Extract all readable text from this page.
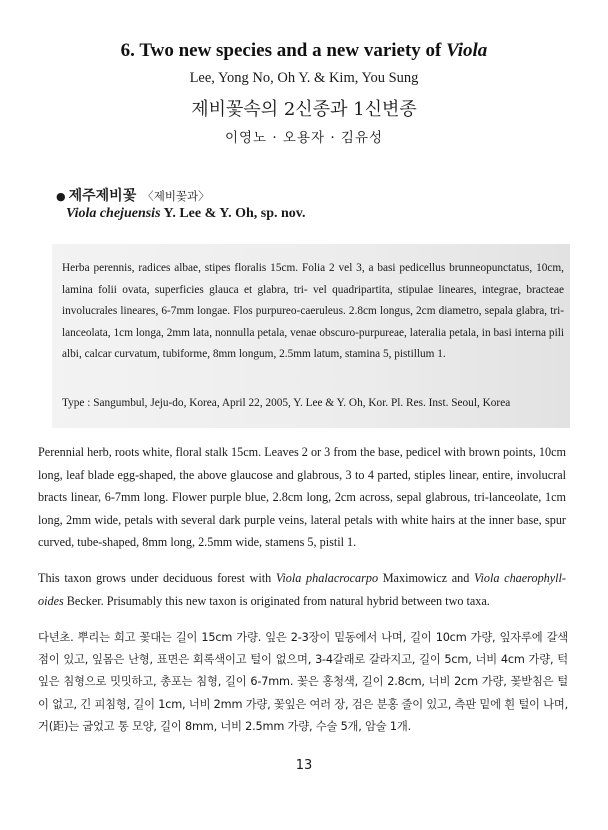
6. Two new species and a new variety of Viola
Lee, Yong No, Oh Y. & Kim, You Sung
제비꽃속의 2신종과 1신변종
이영노 · 오용자 · 김유성
● 제주제비꽃 〈제비꽃과〉
Viola chejuensis Y. Lee & Y. Oh, sp. nov.
Herba perennis, radices albae, stipes floralis 15cm. Folia 2 vel 3, a basi pedicellus brunneopunctatus, 10cm, lamina folii ovata, superficies glauca et glabra, tri- vel quadripartita, stipulae lineares, integrae, bracteae involucrales lineares, 6-7mm longae. Flos purpureo-caeruleus. 2.8cm longus, 2cm diametro, sepala glabra, tri-lanceolata, 1cm longa, 2mm lata, nonnulla petala, venae obscuro-purpureae, lateralia petala, in basi interna pili albi, calcar curvatum, tubiforme, 8mm longum, 2.5mm latum, stamina 5, pistillum 1.
Type : Sangumbul, Jeju-do, Korea, April 22, 2005, Y. Lee & Y. Oh, Kor. Pl. Res. Inst. Seoul, Korea
Perennial herb, roots white, floral stalk 15cm. Leaves 2 or 3 from the base, pedicel with brown points, 10cm long, leaf blade egg-shaped, the above glaucose and glabrous, 3 to 4 parted, stiples linear, entire, involucral bracts linear, 6-7mm long. Flower purple blue, 2.8cm long, 2cm across, sepal glabrous, tri-lanceolate, 1cm long, 2mm wide, petals with several dark purple veins, lateral petals with white hairs at the inner base, spur curved, tube-shaped, 8mm long, 2.5mm wide, stamens 5, pistil 1.
This taxon grows under deciduous forest with Viola phalacrocarpo Maximowicz and Viola chaerophyll-oides Becker. Prisumably this new taxon is originated from natural hybrid between two taxa.
다년초. 뿌리는 희고 꽃대는 길이 15cm 가량. 잎은 2-3장이 밑동에서 나며, 길이 10cm 가량, 잎자루에 갈색 점이 있고, 잎몸은 난형, 표면은 회록색이고 털이 없으며, 3-4갈래로 갈라지고, 길이 5cm, 너비 4cm 가량, 턱잎은 침형으로 밋밋하고, 총포는 침형, 길이 6-7mm. 꽃은 홍청색, 길이 2.8cm, 너비 2cm 가량, 꽃받침은 털이 없고, 긴 피침형, 길이 1cm, 너비 2mm 가량, 꽃잎은 여러 장, 검은 분홍 줄이 있고, 측판 밑에 흰 털이 나며, 거(距)는 굽었고 통 모양, 길이 8mm, 너비 2.5mm 가량, 수술 5개, 암술 1개.
13
